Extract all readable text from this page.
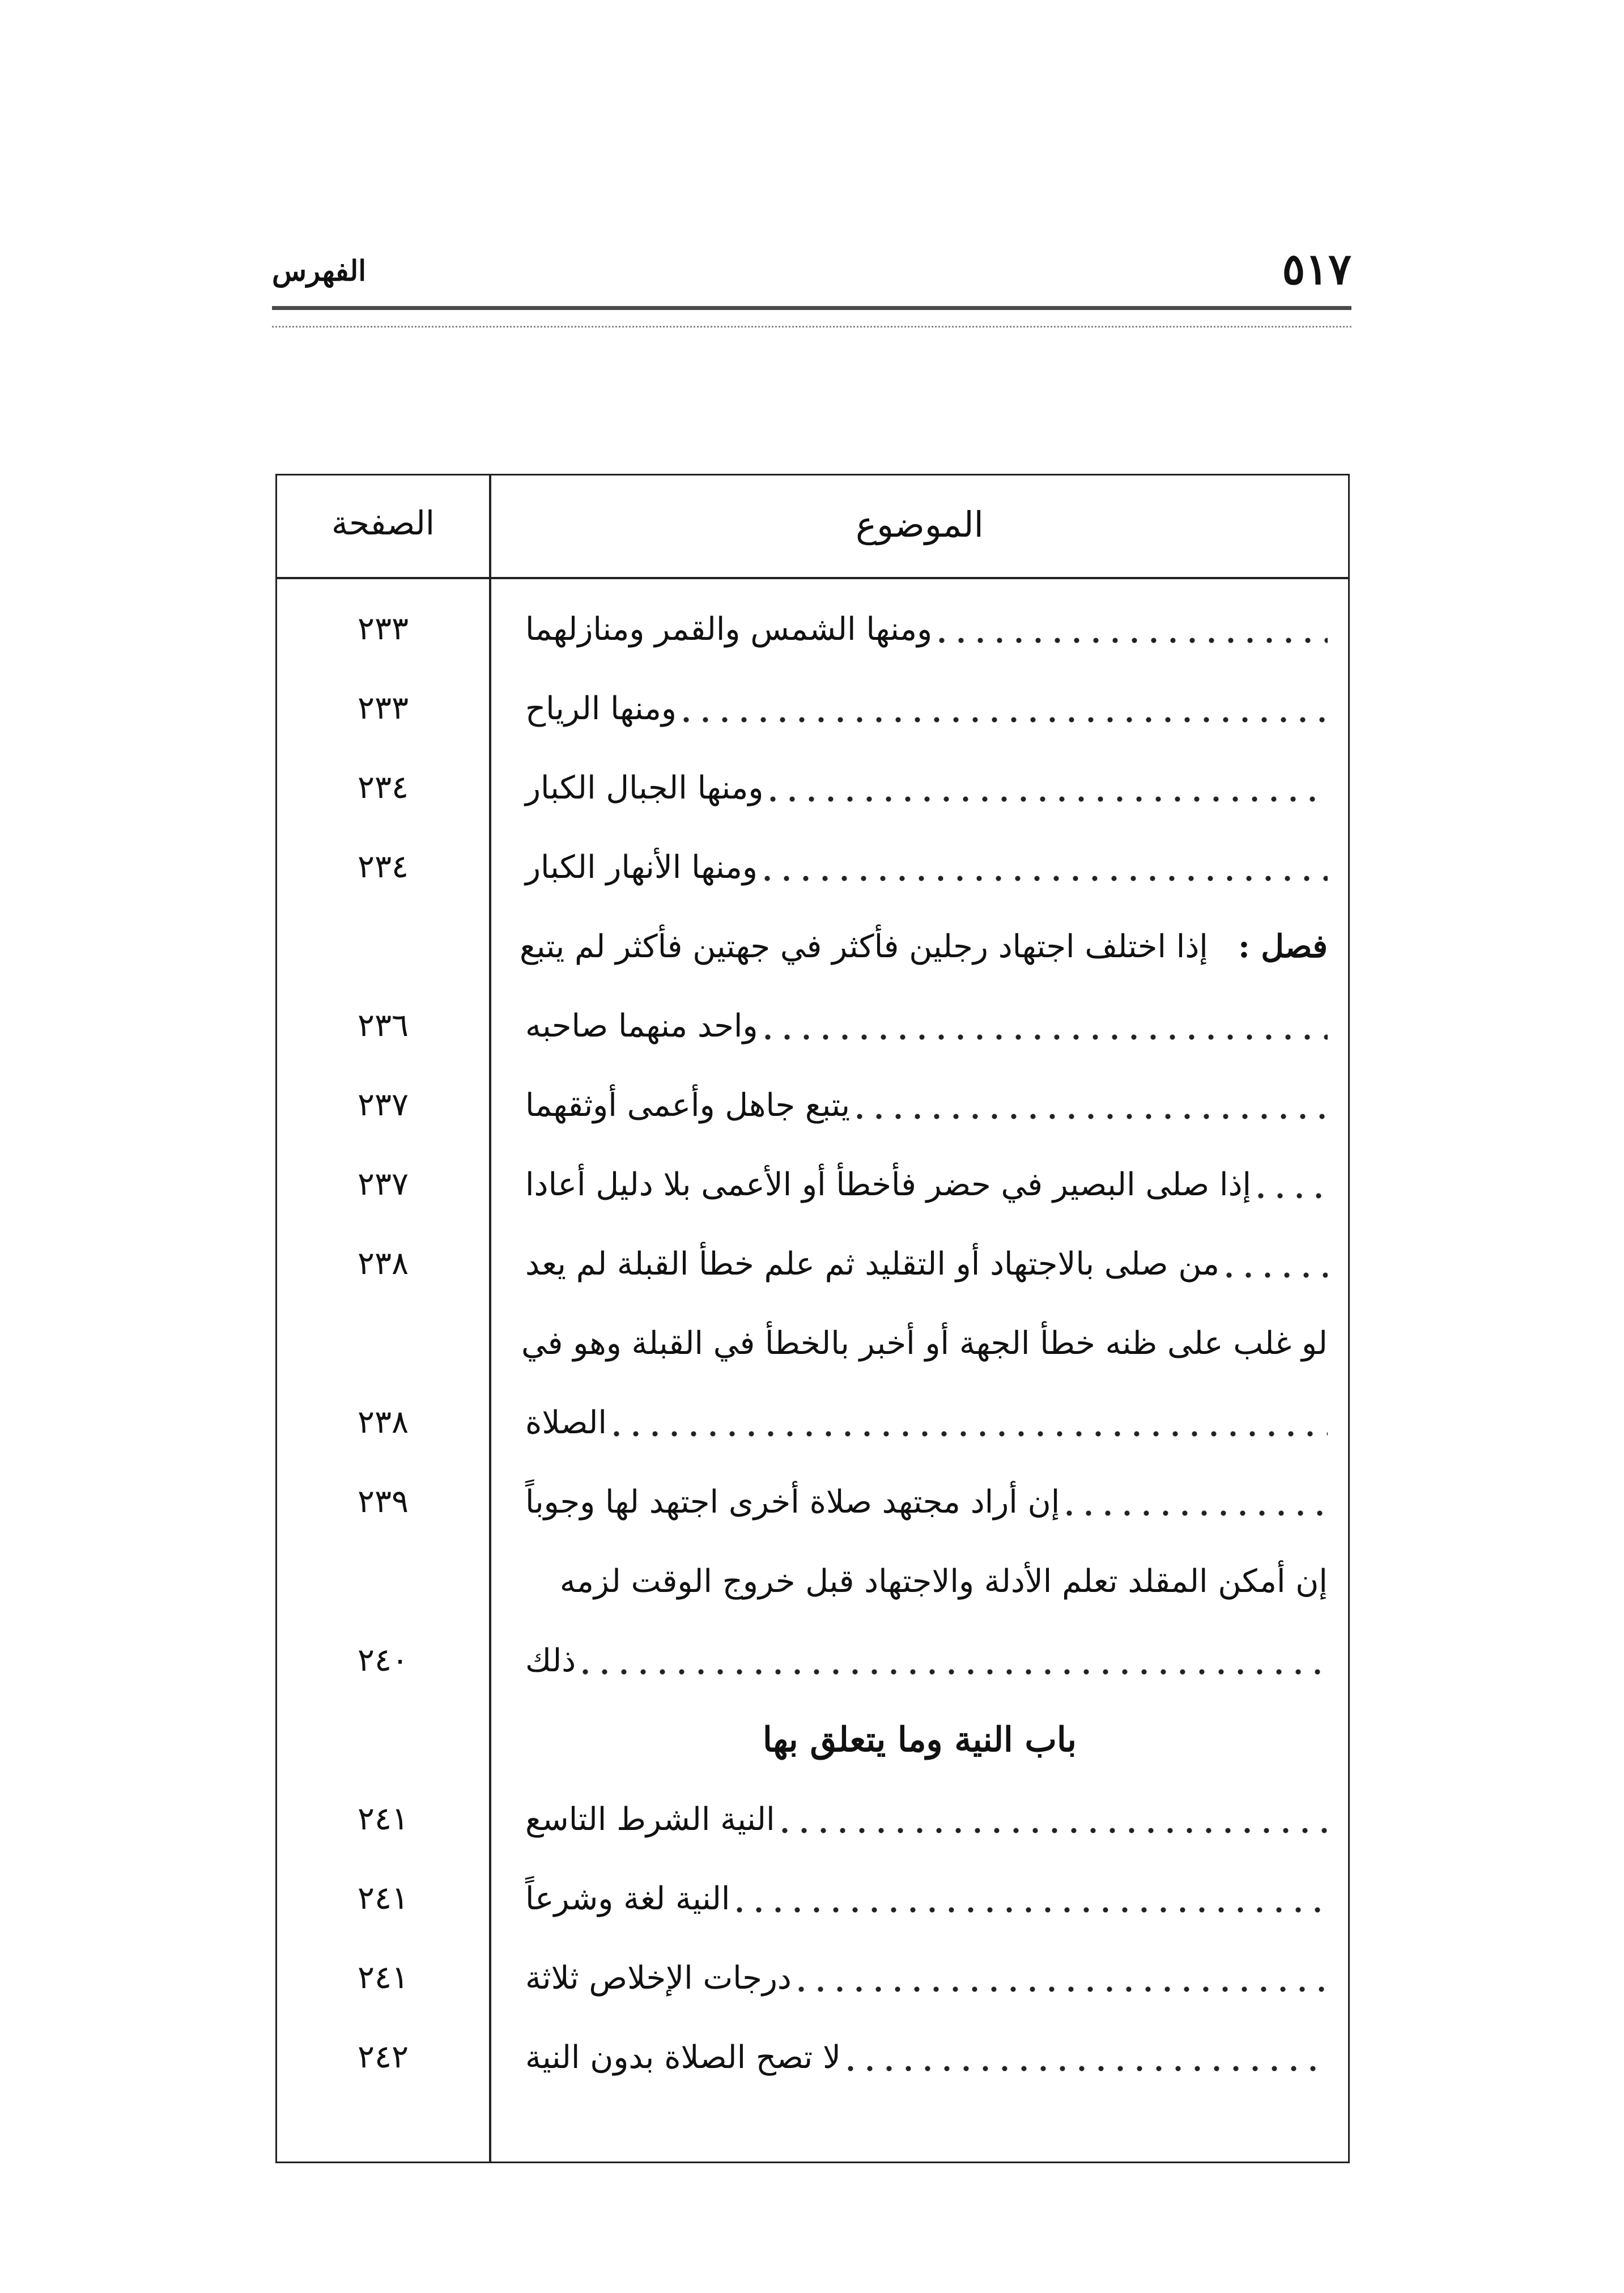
الفهرس	٥١٧
الموضوع
الصفحة
ومنها الشمس والقمر ومنازلهما
٢٣٣
ومنها الرياح
٢٣٣
ومنها الجبال الكبار
٢٣٤
ومنها الأنهار الكبار
٢٣٤
فصل :
إذا اختلف اجتهاد رجلين فأكثر في جهتين فأكثر لم يتبع
واحد منهما صاحبه
٢٣٦
يتبع جاهل وأعمى أوثقهما
٢٣٧
إذا صلى البصير في حضر فأخطأ أو الأعمى بلا دليل أعادا
٢٣٧
من صلى بالاجتهاد أو التقليد ثم علم خطأ القبلة لم يعد
٢٣٨
لو غلب على ظنه خطأ الجهة أو أخبر بالخطأ في القبلة وهو في
الصلاة
٢٣٨
إن أراد مجتهد صلاة أخرى اجتهد لها وجوباً
٢٣٩
إن أمكن المقلد تعلم الأدلة والاجتهاد قبل خروج الوقت لزمه
ذلك
٢٤٠
باب النية وما يتعلق بها
النية الشرط التاسع
٢٤١
النية لغة وشرعاً
٢٤١
درجات الإخلاص ثلاثة
٢٤١
لا تصح الصلاة بدون النية
٢٤٢
